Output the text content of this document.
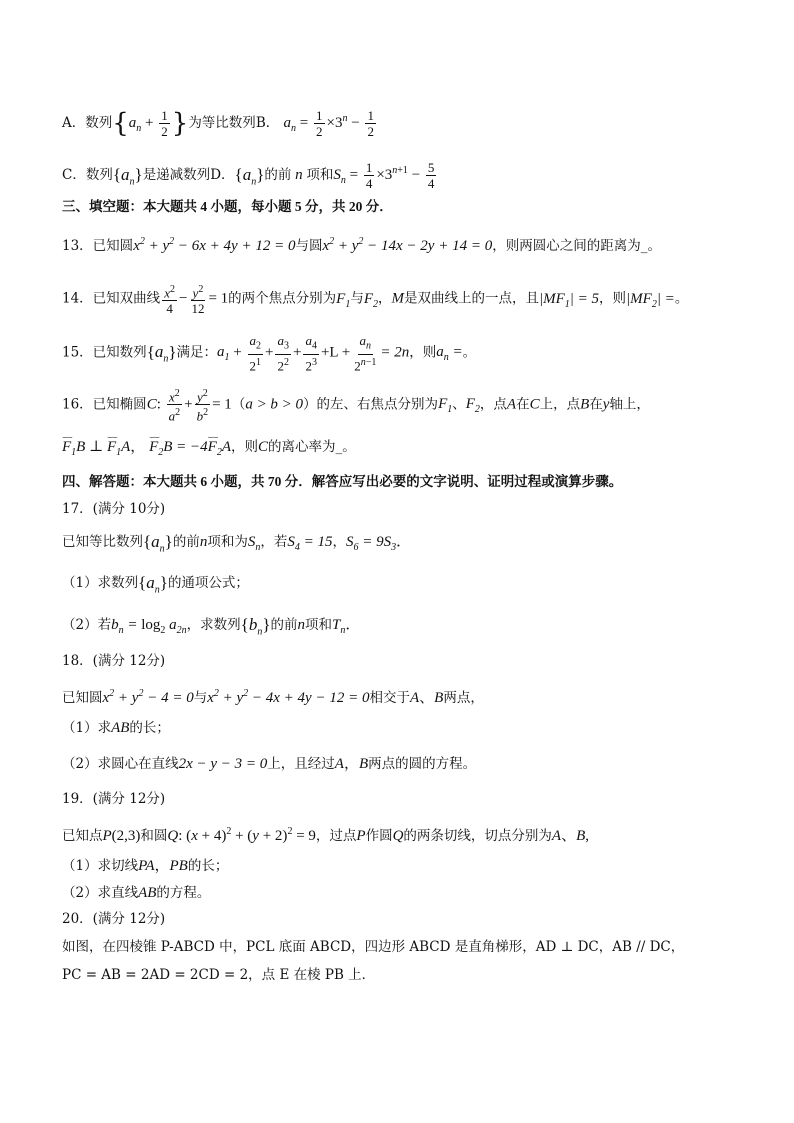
A．数列{$a_n + \frac{1}{2}$ }为等比数列B． $a_n = \frac{1}{2} \times 3^n - \frac{1}{2}$
C．数列$\{a_n\}$是递减数列D．$\{a_n\}$的前 n 项和$S_n = \frac{1}{4} \times 3^{n+1} - \frac{5}{4}$
三、填空题：本大题共 4 小题，每小题 5 分，共 20 分．
13．已知圆$x^2 + y^2 - 6x + 4y + 12 = 0$与圆$x^2 + y^2 - 14x - 2y + 14 = 0$，则两圆心之间的距离为_。
14．已知双曲线 $\frac{x^2}{4} - \frac{y^2}{12} = 1$的两个焦点分别为$F_1$与$F_2$，M是双曲线上的一点，且$|MF_1| = 5$，则$|MF_2|$ =。
15．已知数列$\{a_n\}$满足：$a_1 + \frac{a_2}{2^1} + \frac{a_3}{2^2} + \frac{a_4}{2^3} +L + \frac{a_n}{2^{n-1}} = 2n$，则$a_n$ =。
16．已知椭圆C: $\frac{x^2}{a^2} + \frac{y^2}{b^2} = 1(a > b > 0)$的左、右焦点分别为$F_1$、$F_2$，点A在C上，点B在y轴上，
⌣⌣ $F_1B$ ⊥ ⌣⌣ $F_1A$， ⌣⌣ $F_2B$ = −4⌣⌣ $F_2A$，则C的离心率为_。
四、解答题：本大题共 6 小题，共 70 分．解答应写出必要的文字说明、证明过程或演算步骤。
17．(满分 10分)
已知等比数列$\{a_n\}$的前n项和为$S_n$，若$S_4 = 15$，$S_6 = 9S_3$．
（1）求数列$\{a_n\}$的通项公式；
（2）若$b_n = \log_2 a_{2n}$，求数列$\{b_n\}$的前n项和$T_n$．
18．(满分 12分)
已知圆$x^2 + y^2 - 4 = 0$与$x^2 + y^2 - 4x + 4y - 12 = 0$相交于A、B两点，
（1）求AB的长；
（2）求圆心在直线2x − y − 3 = 0上，且经过A，B两点的圆的方程。
19．(满分 12分)
已知点P(2,3)和圆Q: $(x + 4)^2 + (y + 2)^2 = 9$，过点P作圆Q的两条切线，切点分别为A、B,
（1）求切线PA，PB的长；
（2）求直线AB的方程。
20．(满分 12分)
如图，在四棱锥 P-ABCD 中，PCL 底面 ABCD，四边形 ABCD 是直角梯形，AD ⊥ DC，AB // DC，
PC = AB = 2AD = 2CD = 2，点 E 在棱 PB 上．
